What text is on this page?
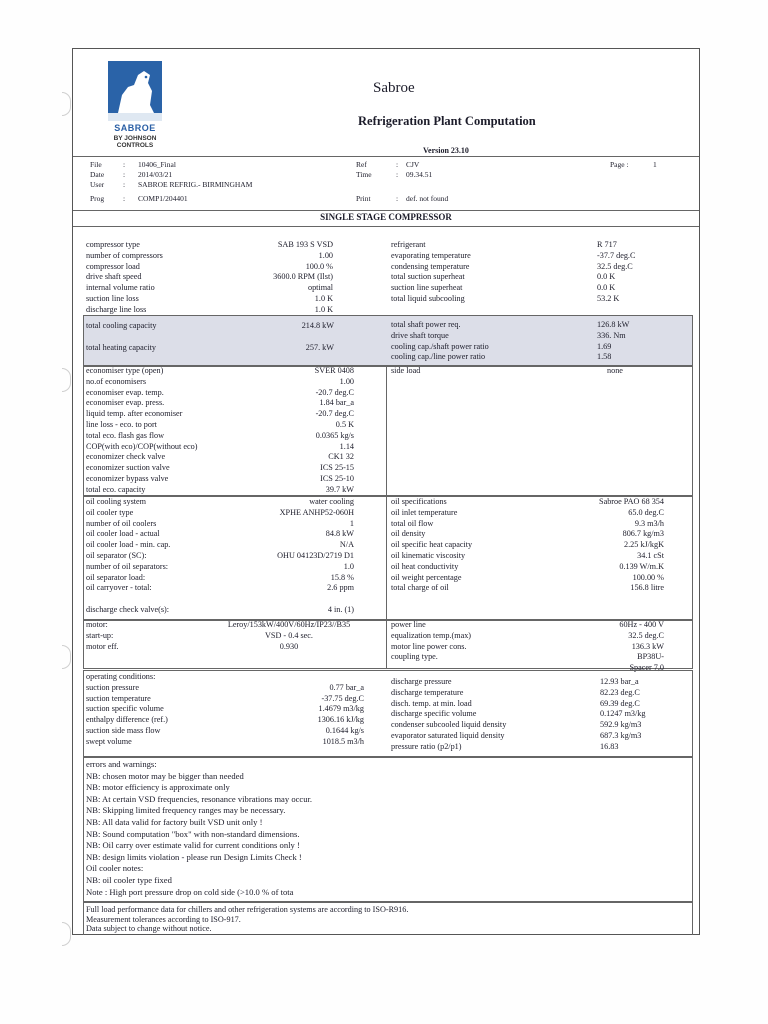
SABROE
BY JOHNSON
CONTROLS
Sabroe
Refrigeration Plant Computation
Version 23.10
File
Date
User
Prog
:
:
:
:
10406_Final
2014/03/21
SABROE REFRIG.- BIRMINGHAM
COMP1/204401
Ref
Time

Print
:
:

:
CJV
09.34.51

def. not found
Page :	1
SINGLE STAGE COMPRESSOR
compressor type
number of compressors
compressor load
drive shaft speed
internal volume ratio
suction line loss
discharge line loss
SAB 193 S VSD
1.00
100.0 %
3600.0 RPM (Ilst)
optimal
1.0 K
1.0 K
refrigerant
evaporating temperature
condensing temperature
total suction superheat
suction line superheat
total liquid subcooling
R 717
-37.7 deg.C
32.5 deg.C
0.0 K
0.0 K
53.2 K
total cooling capacity

total heating capacity
214.8 kW

257. kW
total shaft power req.
drive shaft torque
cooling cap./shaft power ratio
cooling cap./line power ratio
126.8 kW
336. Nm
1.69
1.58
economiser type (open)
no.of economisers
economiser evap. temp.
economiser evap. press.
liquid temp. after economiser
line loss - eco. to port
total eco. flash gas flow
COP(with eco)/COP(without eco)
economizer check valve
economizer suction valve
economizer bypass valve
total eco. capacity
SVER 0408
1.00
-20.7 deg.C
1.84 bar_a
-20.7 deg.C
0.5 K
0.0365 kg/s
1.14
CK1 32
ICS 25-15
ICS 25-10
39.7 kW
side load	none
oil cooling system
oil cooler type
number of oil coolers
oil cooler load - actual
oil cooler load - min. cap.
oil separator (SC):
number of oil separators:
oil separator load:
oil carryover - total:
discharge check valve(s):
water cooling
XPHE ANHP52-060H
1
84.8 kW
N/A
OHU 04123D/2719 D1
1.0
15.8 %
2.6 ppm
4 in. (1)
oil specifications
oil inlet temperature
total oil flow
oil density
oil specific heat capacity
oil kinematic viscosity
oil heat conductivity
oil weight percentage
total charge of oil
Sabroe PAO 68 354
65.0 deg.C
9.3 m3/h
806.7 kg/m3
2.25 kJ/kgK
34.1 cSt
0.139 W/m.K
100.00 %
156.8 litre
motor:
start-up:
motor eff.
Leroy/153kW/400V/60Hz/IP23//B35
VSD - 0.4 sec.
0.930
power line
equalization temp.(max)
motor line power cons.
coupling type.
60Hz - 400 V
32.5 deg.C
136.3 kW
BP38U-
Spacer 7,0
operating conditions:
suction pressure
suction temperature
suction specific volume
enthalpy difference (ref.)
suction side mass flow
swept volume

0.77 bar_a
-37.75 deg.C
1.4679 m3/kg
1306.16 kJ/kg
0.1644 kg/s
1018.5 m3/h
discharge pressure
discharge temperature
disch. temp. at min. load
discharge specific volume
condenser subcooled liquid density
evaporator saturated liquid density
pressure ratio (p2/p1)
12.93 bar_a
82.23 deg.C
69.39 deg.C
0.1247 m3/kg
592.9 kg/m3
687.3 kg/m3
16.83
errors and warnings:
NB: chosen motor may be bigger than needed
NB: motor efficiency is approximate only
NB: At certain VSD frequencies, resonance vibrations may occur.
NB: Skipping limited frequency ranges may be necessary.
NB: All data valid for factory built VSD unit only !
NB: Sound computation "box" with non-standard dimensions.
NB: Oil carry over estimate valid for current conditions only !
NB: design limits violation - please run Design Limits Check !
Oil cooler notes:
NB: oil cooler type fixed
Note : High port pressure drop on cold side (>10.0 % of tota
Full load performance data for chillers and other refrigeration systems are according to ISO-R916.
Measurement tolerances according to ISO-917.
Data subject to change without notice.
